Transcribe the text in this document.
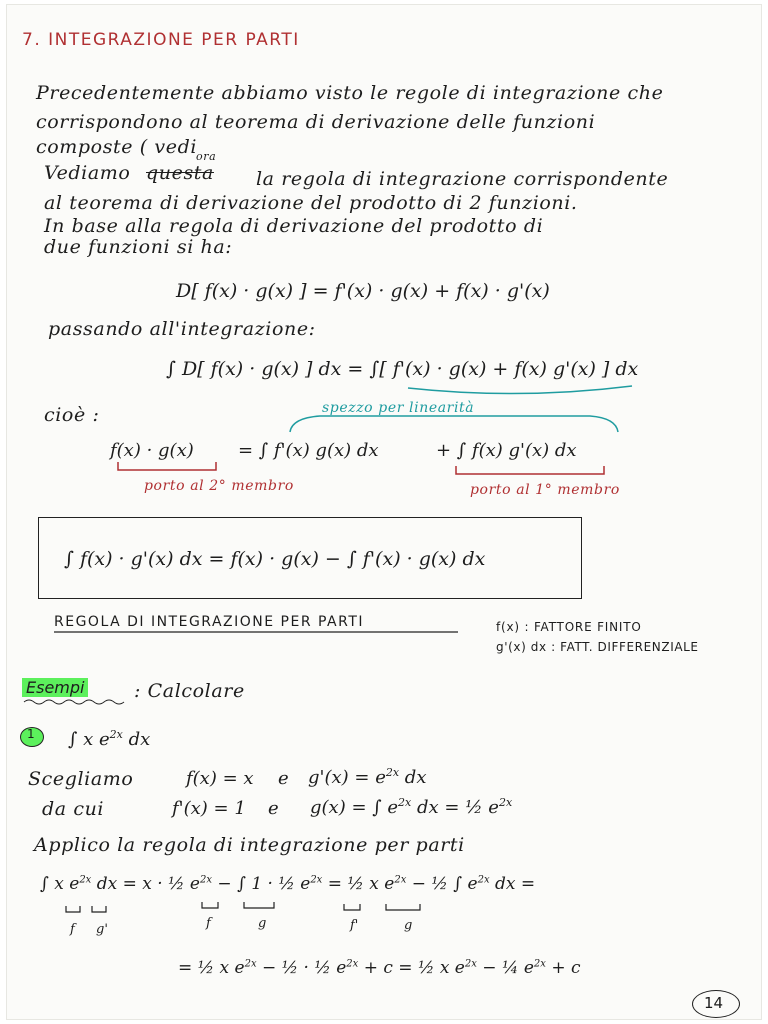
7. INTEGRAZIONE PER PARTI
Precedentemente abbiamo visto le regole di integrazione che
corrispondono al teorema di derivazione delle funzioni
composte ( vedi
Vediamo questa
ora
la regola di integrazione corrispondente
al teorema di derivazione del prodotto di 2 funzioni.
In base alla regola di derivazione del prodotto di
due funzioni si ha:
D[ f(x) · g(x) ] = f'(x) · g(x) + f(x) · g'(x)
passando all'integrazione:
∫ D[ f(x) · g(x) ] dx = ∫[ f'(x) · g(x) + f(x) g'(x) ] dx
cioè :	spezzo per linearità
f(x) · g(x) = ∫ f'(x) g(x) dx	+ ∫ f(x) g'(x) dx
porto al 2° membro	porto al 1° membro
∫ f(x) · g'(x) dx = f(x) · g(x) − ∫ f'(x) · g(x) dx
REGOLA DI INTEGRAZIONE PER PARTI	f(x) : FATTORE FINITO
g'(x) dx : FATT. DIFFERENZIALE
Esempi	: Calcolare
1 ∫ x $e^{2x}$ dx
Scegliamo	f(x) = x e $g'(x) = e^{2x}$ dx
da cui	f'(x) = 1 e g(x) = ∫ $e^{2x}$ dx = ½ $e^{2x}$
Applico la regola di integrazione per parti
∫ x $e^{2x}$ dx = x · ½ $e^{2x}$ − ∫ 1 · ½ $e^{2x}$ = ½ x $e^{2x}$ − ½ ∫ $e^{2x}$ dx =
f g'	f	g	f'	g
= ½ x $e^{2x}$ − ½ · ½ $e^{2x} + c$ = ½ x $e^{2x}$ − ¼ $e^{2x} + c$
14
